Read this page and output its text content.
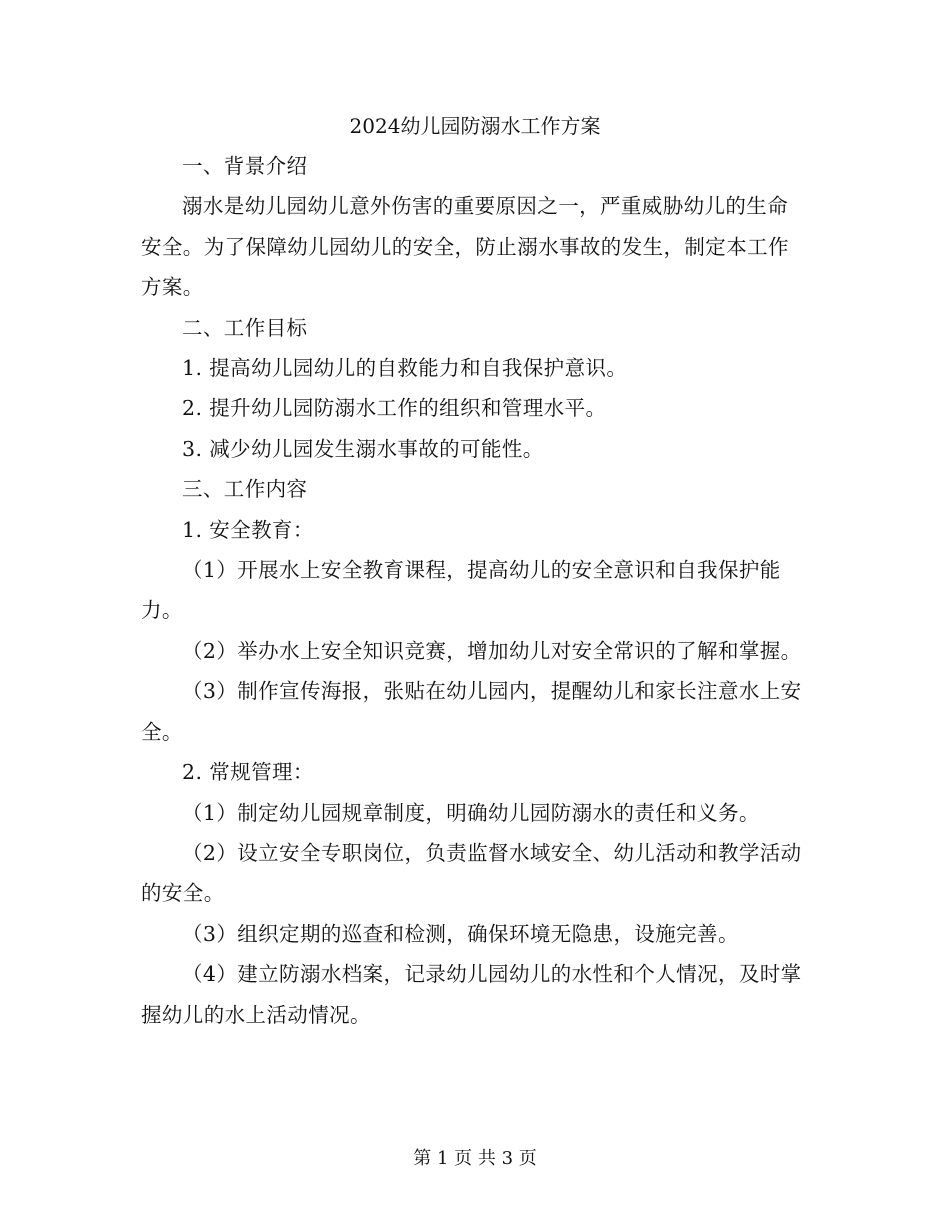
2024幼儿园防溺水工作方案

一、背景介绍

溺水是幼儿园幼儿意外伤害的重要原因之一，严重威胁幼儿的生命安全。为了保障幼儿园幼儿的安全，防止溺水事故的发生，制定本工作方案。

二、工作目标

1. 提高幼儿园幼儿的自救能力和自我保护意识。

2. 提升幼儿园防溺水工作的组织和管理水平。

3. 减少幼儿园发生溺水事故的可能性。

三、工作内容

1. 安全教育：

（1）开展水上安全教育课程，提高幼儿的安全意识和自我保护能力。

（2）举办水上安全知识竞赛，增加幼儿对安全常识的了解和掌握。

（3）制作宣传海报，张贴在幼儿园内，提醒幼儿和家长注意水上安全。

2. 常规管理：

（1）制定幼儿园规章制度，明确幼儿园防溺水的责任和义务。

（2）设立安全专职岗位，负责监督水域安全、幼儿活动和教学活动的安全。

（3）组织定期的巡查和检测，确保环境无隐患，设施完善。

（4）建立防溺水档案，记录幼儿园幼儿的水性和个人情况，及时掌握幼儿的水上活动情况。

第 1 页 共 3 页
